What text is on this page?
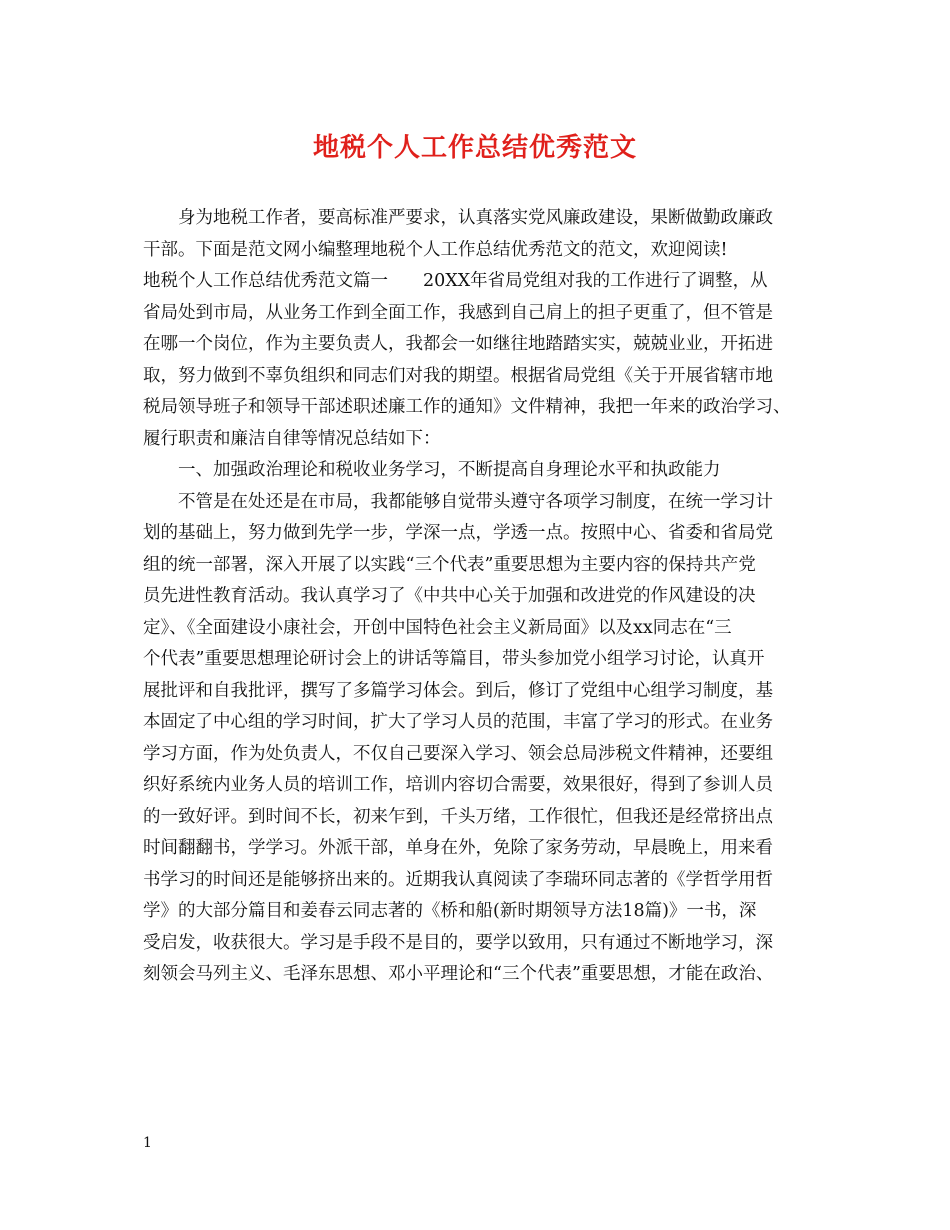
地税个人工作总结优秀范文
身为地税工作者，要高标准严要求，认真落实党风廉政建设，果断做勤政廉政
干部。下面是范文网小编整理地税个人工作总结优秀范文的范文，欢迎阅读!
地税个人工作总结优秀范文篇一　　20XX年省局党组对我的工作进行了调整，从
省局处到市局，从业务工作到全面工作，我感到自己肩上的担子更重了，但不管是
在哪一个岗位，作为主要负责人，我都会一如继往地踏踏实实，兢兢业业，开拓进
取，努力做到不辜负组织和同志们对我的期望。根据省局党组《关于开展省辖市地
税局领导班子和领导干部述职述廉工作的通知》文件精神，我把一年来的政治学习、
履行职责和廉洁自律等情况总结如下：
一、加强政治理论和税收业务学习，不断提高自身理论水平和执政能力
不管是在处还是在市局，我都能够自觉带头遵守各项学习制度，在统一学习计
划的基础上，努力做到先学一步，学深一点，学透一点。按照中心、省委和省局党
组的统一部署，深入开展了以实践“三个代表”重要思想为主要内容的保持共产党
员先进性教育活动。我认真学习了《中共中心关于加强和改进党的作风建设的决
定》、《全面建设小康社会，开创中国特色社会主义新局面》以及xx同志在“三
个代表”重要思想理论研讨会上的讲话等篇目，带头参加党小组学习讨论，认真开
展批评和自我批评，撰写了多篇学习体会。到后，修订了党组中心组学习制度，基
本固定了中心组的学习时间，扩大了学习人员的范围，丰富了学习的形式。在业务
学习方面，作为处负责人，不仅自己要深入学习、领会总局涉税文件精神，还要组
织好系统内业务人员的培训工作，培训内容切合需要，效果很好，得到了参训人员
的一致好评。到时间不长，初来乍到，千头万绪，工作很忙，但我还是经常挤出点
时间翻翻书，学学习。外派干部，单身在外，免除了家务劳动，早晨晚上，用来看
书学习的时间还是能够挤出来的。近期我认真阅读了李瑞环同志著的《学哲学用哲
学》的大部分篇目和姜春云同志著的《桥和船(新时期领导方法18篇)》一书，深
受启发，收获很大。学习是手段不是目的，要学以致用，只有通过不断地学习，深
刻领会马列主义、毛泽东思想、邓小平理论和“三个代表”重要思想，才能在政治、
1
